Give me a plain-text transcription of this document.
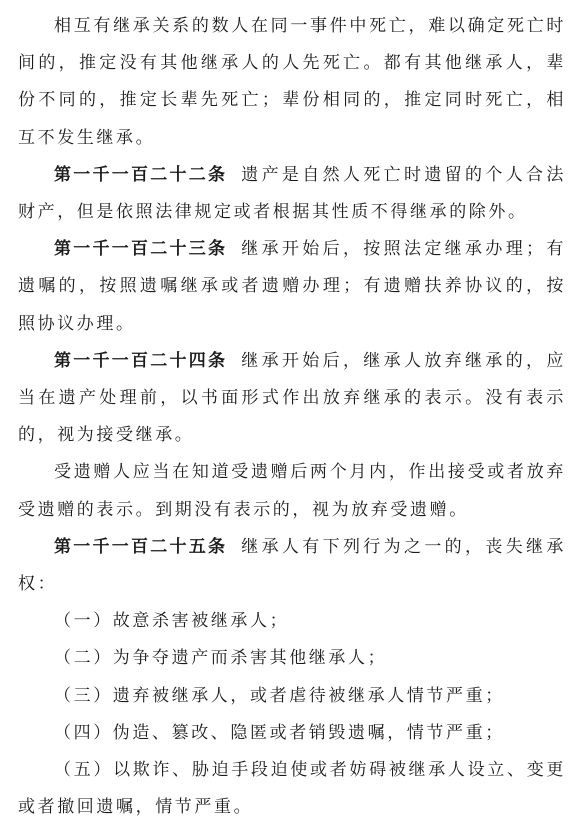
相互有继承关系的数人在同一事件中死亡，难以确定死亡时间的，推定没有其他继承人的人先死亡。都有其他继承人，辈份不同的，推定长辈先死亡；辈份相同的，推定同时死亡，相互不发生继承。

第一千一百二十二条 遗产是自然人死亡时遗留的个人合法财产，但是依照法律规定或者根据其性质不得继承的除外。

第一千一百二十三条 继承开始后，按照法定继承办理；有遗嘱的，按照遗嘱继承或者遗赠办理；有遗赠扶养协议的，按照协议办理。

第一千一百二十四条 继承开始后，继承人放弃继承的，应当在遗产处理前，以书面形式作出放弃继承的表示。没有表示的，视为接受继承。

受遗赠人应当在知道受遗赠后两个月内，作出接受或者放弃受遗赠的表示。到期没有表示的，视为放弃受遗赠。

第一千一百二十五条 继承人有下列行为之一的，丧失继承权：

（一）故意杀害被继承人；

（二）为争夺遗产而杀害其他继承人；

（三）遗弃被继承人，或者虐待被继承人情节严重；

（四）伪造、篡改、隐匿或者销毁遗嘱，情节严重；

（五）以欺诈、胁迫手段迫使或者妨碍被继承人设立、变更或者撤回遗嘱，情节严重。
